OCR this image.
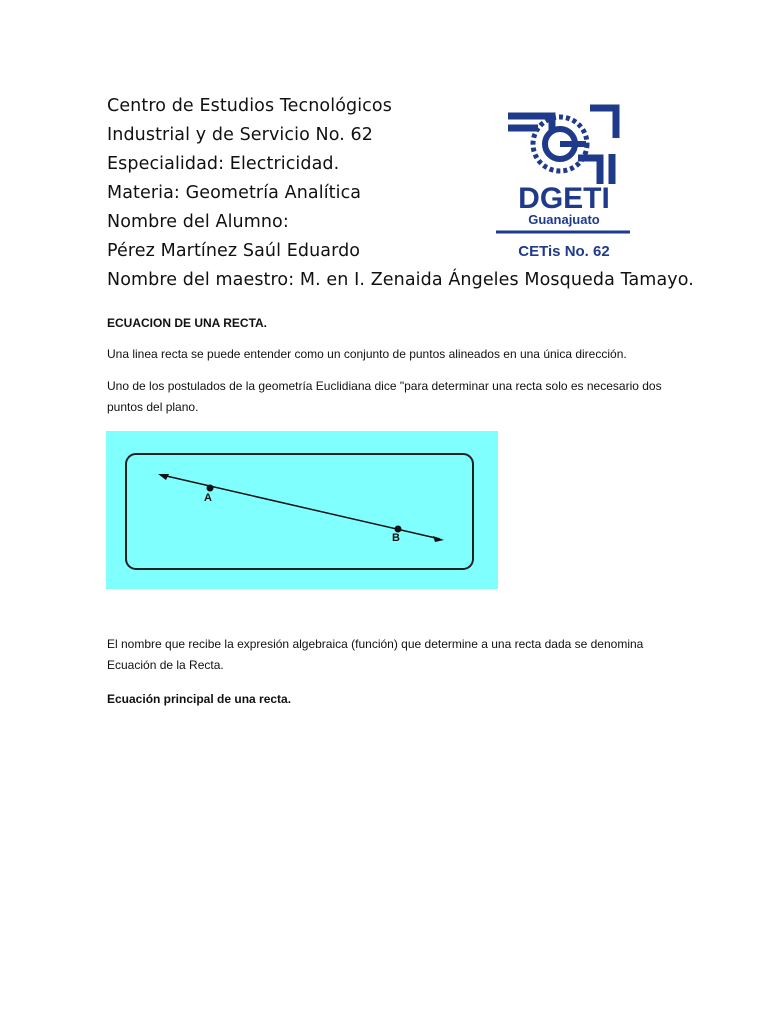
Centro de Estudios Tecnológicos
Industrial y de Servicio No. 62
Especialidad: Electricidad.
Materia: Geometría Analítica
Nombre del Alumno:
Pérez Martínez Saúl Eduardo
Nombre del maestro: M. en I. Zenaida Ángeles Mosqueda Tamayo.
DGETI
Guanajuato
CETis No. 62
ECUACION DE UNA RECTA.
Una linea recta se puede entender como un conjunto de puntos alineados en una única dirección.
Uno de los postulados de la geometría Euclidiana dice "para determinar una recta solo es necesario dos puntos del plano.
A
B
El nombre que recibe la expresión algebraica (función) que determine a una recta dada se denomina Ecuación de la Recta.
Ecuación principal de una recta.
